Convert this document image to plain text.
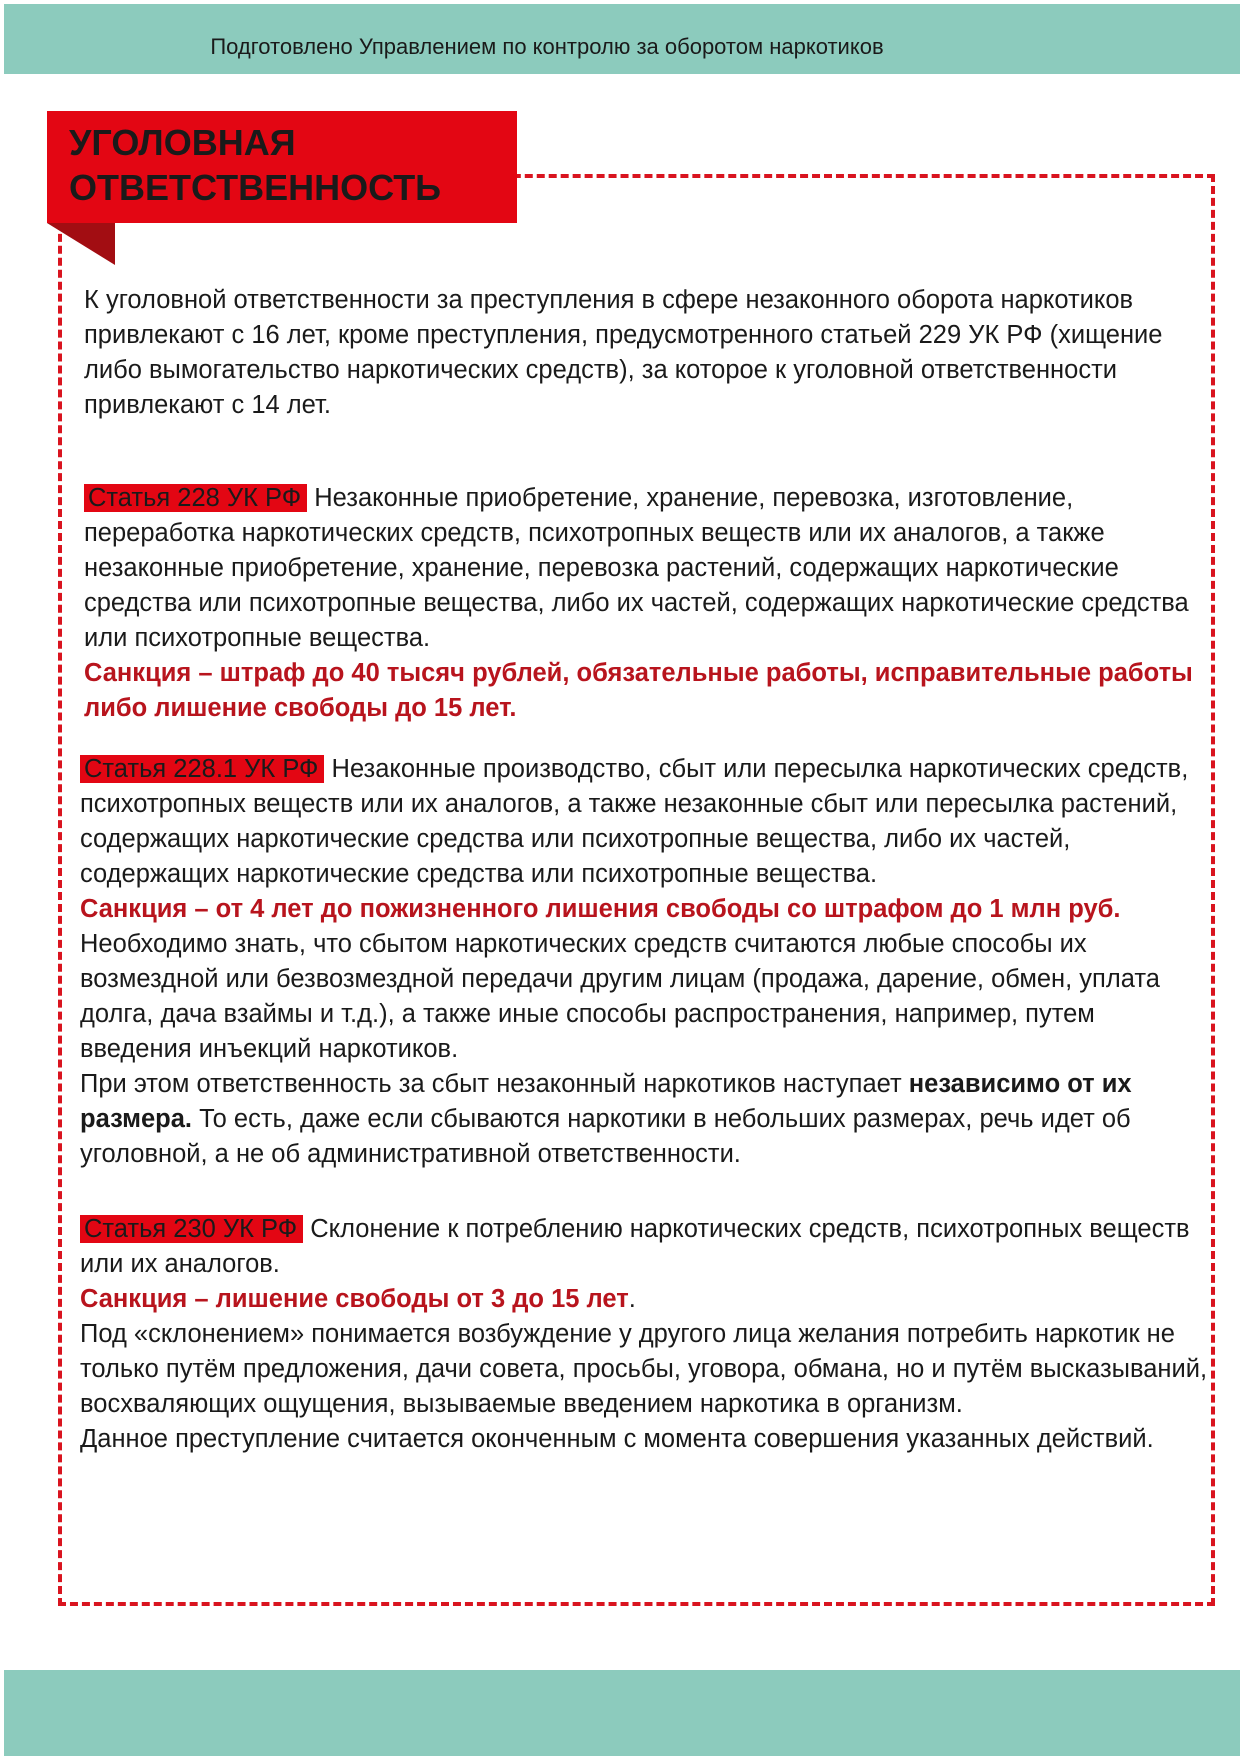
Подготовлено Управлением по контролю за оборотом наркотиков
УГОЛОВНАЯ
ОТВЕТСТВЕННОСТЬ

К уголовной ответственности за преступления в сфере незаконного оборота наркотиков привлекают с 16 лет, кроме преступления, предусмотренного статьей 229 УК РФ (хищение либо вымогательство наркотических средств), за которое к уголовной ответственности привлекают с 14 лет.

Статья 228 УК РФ Незаконные приобретение, хранение, перевозка, изготовление, переработка наркотических средств, психотропных веществ или их аналогов, а также незаконные приобретение, хранение, перевозка растений, содержащих наркотические средства или психотропные вещества, либо их частей, содержащих наркотические средства или психотропные вещества.

Санкция – штраф до 40 тысяч рублей, обязательные работы, исправительные работы либо лишение свободы до 15 лет.

Статья 228.1 УК РФ Незаконные производство, сбыт или пересылка наркотических средств, психотропных веществ или их аналогов, а также незаконные сбыт или пересылка растений, содержащих наркотические средства или психотропные вещества, либо их частей, содержащих наркотические средства или психотропные вещества.

Санкция – от 4 лет до пожизненного лишения свободы со штрафом до 1 млн руб.

Необходимо знать, что сбытом наркотических средств считаются любые способы их возмездной или безвозмездной передачи другим лицам (продажа, дарение, обмен, уплата долга, дача взаймы и т.д.), а также иные способы распространения, например, путем введения инъекций наркотиков.

При этом ответственность за сбыт незаконный наркотиков наступает независимо от их размера. То есть, даже если сбываются наркотики в небольших размерах, речь идет об уголовной, а не об административной ответственности.

Статья 230 УК РФ Склонение к потреблению наркотических средств, психотропных веществ или их аналогов.

Санкция – лишение свободы от 3 до 15 лет.

Под «склонением» понимается возбуждение у другого лица желания потребить наркотик не только путём предложения, дачи совета, просьбы, уговора, обмана, но и путём высказываний, восхваляющих ощущения, вызываемые введением наркотика в организм.

Данное преступление считается оконченным с момента совершения указанных действий.
